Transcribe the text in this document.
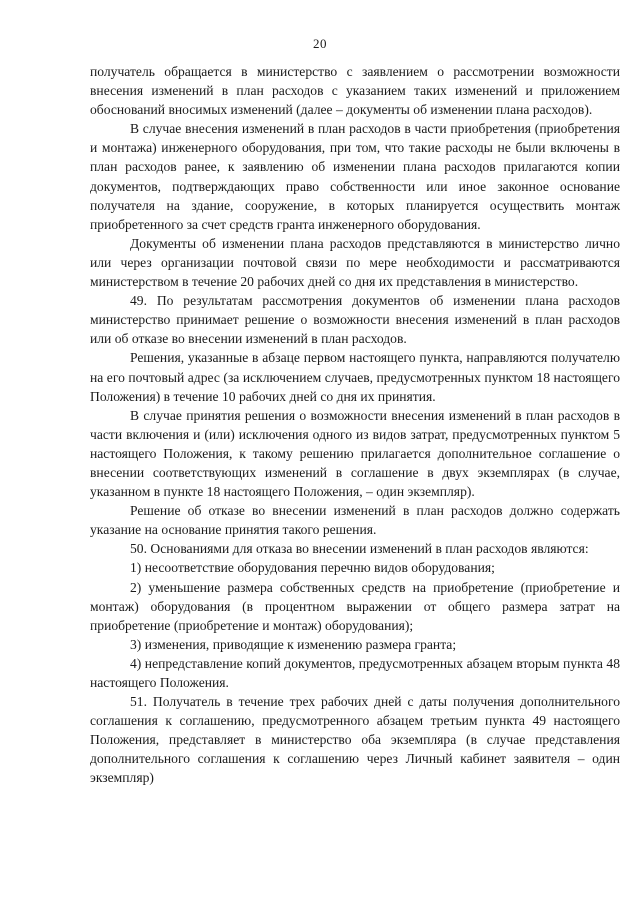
20

получатель обращается в министерство с заявлением о рассмотрении возможности внесения изменений в план расходов с указанием таких изменений и приложением обоснований вносимых изменений (далее – документы об изменении плана расходов).

В случае внесения изменений в план расходов в части приобретения (приобретения и монтажа) инженерного оборудования, при том, что такие расходы не были включены в план расходов ранее, к заявлению об изменении плана расходов прилагаются копии документов, подтверждающих право собственности или иное законное основание получателя на здание, сооружение, в которых планируется осуществить монтаж приобретенного за счет средств гранта инженерного оборудования.

Документы об изменении плана расходов представляются в министерство лично или через организации почтовой связи по мере необходимости и рассматриваются министерством в течение 20 рабочих дней со дня их представления в министерство.

49. По результатам рассмотрения документов об изменении плана расходов министерство принимает решение о возможности внесения изменений в план расходов или об отказе во внесении изменений в план расходов.

Решения, указанные в абзаце первом настоящего пункта, направляются получателю на его почтовый адрес (за исключением случаев, предусмотренных пунктом 18 настоящего Положения) в течение 10 рабочих дней со дня их принятия.

В случае принятия решения о возможности внесения изменений в план расходов в части включения и (или) исключения одного из видов затрат, предусмотренных пунктом 5 настоящего Положения, к такому решению прилагается дополнительное соглашение о внесении соответствующих изменений в соглашение в двух экземплярах (в случае, указанном в пункте 18 настоящего Положения, – один экземпляр).

Решение об отказе во внесении изменений в план расходов должно содержать указание на основание принятия такого решения.

50. Основаниями для отказа во внесении изменений в план расходов являются:

1) несоответствие оборудования перечню видов оборудования;

2) уменьшение размера собственных средств на приобретение (приобретение и монтаж) оборудования (в процентном выражении от общего размера затрат на приобретение (приобретение и монтаж) оборудования);

3) изменения, приводящие к изменению размера гранта;

4) непредставление копий документов, предусмотренных абзацем вторым пункта 48 настоящего Положения.

51. Получатель в течение трех рабочих дней с даты получения дополнительного соглашения к соглашению, предусмотренного абзацем третьим пункта 49 настоящего Положения, представляет в министерство оба экземпляра (в случае представления дополнительного соглашения к соглашению через Личный кабинет заявителя – один экземпляр)
